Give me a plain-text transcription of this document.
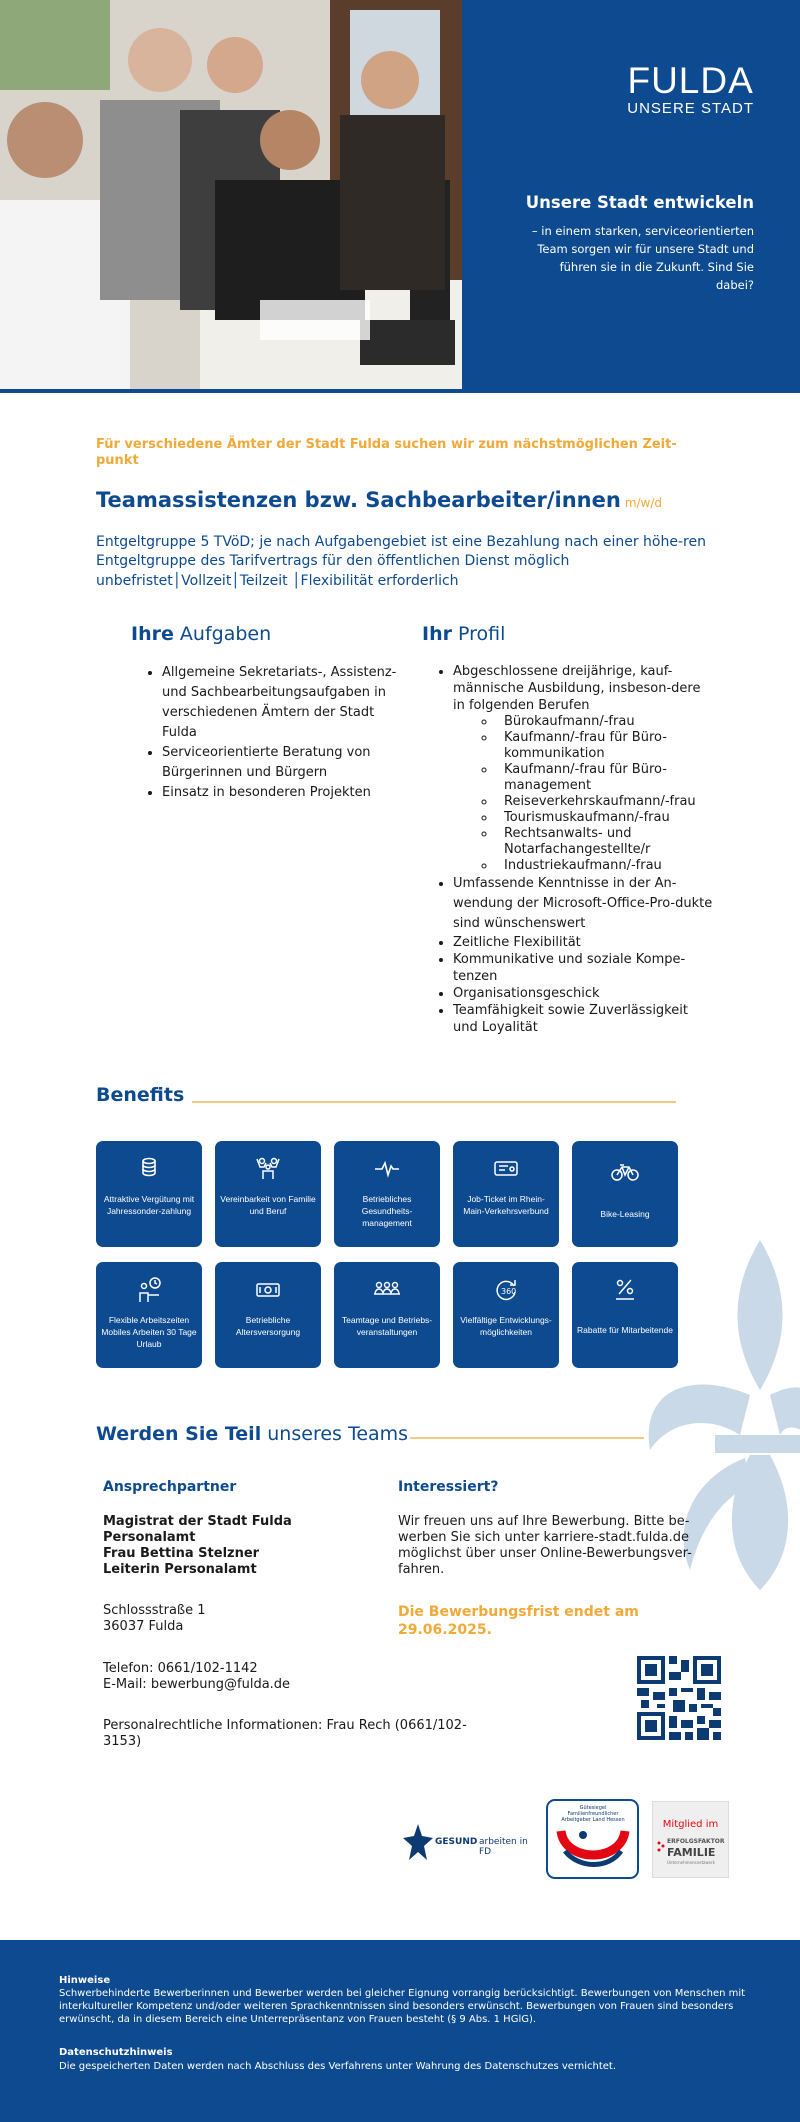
FULDA
UNSERE STADT
Unsere Stadt entwickeln
– in einem starken, serviceorientierten Team sorgen wir für unsere Stadt und führen sie in die Zukunft. Sind Sie dabei?
Für verschiedene Ämter der Stadt Fulda suchen wir zum nächstmöglichen Zeit-punkt
Teamassistenzen bzw. Sachbearbeiter/innen m/w/d
Entgeltgruppe 5 TVöD; je nach Aufgabengebiet ist eine Bezahlung nach einer höhe-ren Entgeltgruppe des Tarifvertrags für den öffentlichen Dienst möglich
unbefristet│Vollzeit│Teilzeit │Flexibilität erforderlich
Ihre Aufgaben
• Allgemeine Sekretariats-, Assistenz- und Sachbearbeitungsaufgaben in verschiedenen Ämtern der Stadt Fulda
• Serviceorientierte Beratung von Bürgerinnen und Bürgern
• Einsatz in besonderen Projekten
Ihr Profil
• Abgeschlossene dreijährige, kauf-männische Ausbildung, insbeson-dere in folgenden Berufen
◦ Bürokaufmann/-frau
◦ Kaufmann/-frau für Büro-kommunikation
◦ Kaufmann/-frau für Büro-management
◦ Reiseverkehrskaufmann/-frau
◦ Tourismuskaufmann/-frau
◦ Rechtsanwalts- und Notarfachangestellte/r
◦ Industriekaufmann/-frau
• Umfassende Kenntnisse in der An-wendung der Microsoft-Office-Pro-dukte sind wünschenswert
• Zeitliche Flexibilität
• Kommunikative und soziale Kompe-tenzen
• Organisationsgeschick
• Teamfähigkeit sowie Zuverlässigkeit und Loyalität
Benefits
Attraktive Vergütung mit Jahressonder-zahlung
Vereinbarkeit von Familie und Beruf
Betriebliches Gesundheits-management
Job-Ticket im Rhein-Main-Verkehrsverbund	Bike-Leasing
Flexible Arbeitszeiten Mobiles Arbeiten 30 Tage Urlaub
Betriebliche Altersversorgung
Teamtage und Betriebs-veranstaltungen
360
Vielfältige Entwicklungs-möglichkeiten	Rabatte für Mitarbeitende
Werden Sie Teil unseres Teams
Ansprechpartner
Magistrat der Stadt Fulda
Personalamt
Frau Bettina Stelzner
Leiterin Personalamt
Schlossstraße 1
36037 Fulda
Telefon: 0661/102-1142
E-Mail: bewerbung@fulda.de
Personalrechtliche Informationen: Frau Rech (0661/102-3153)
Interessiert?
Wir freuen uns auf Ihre Bewerbung. Bitte be-werben Sie sich unter karriere-stadt.fulda.de möglichst über unser Online-Bewerbungsver-fahren.
Die Bewerbungsfrist endet am 29.06.2025.
GESUND arbeiten in FD
Gütesiegel Familienfreundlicher Arbeitgeber Land Hessen	Mitglied im
ERFOLGSFAKTOR
FAMILIE
Unternehmensnetzwerk
Hinweise
Schwerbehinderte Bewerberinnen und Bewerber werden bei gleicher Eignung vorrangig berücksichtigt. Bewerbungen von Menschen mit interkultureller Kompetenz und/oder weiteren Sprachkenntnissen sind besonders erwünscht. Bewerbungen von Frauen sind besonders erwünscht, da in diesem Bereich eine Unterrepräsentanz von Frauen besteht (§ 9 Abs. 1 HGlG).
Datenschutzhinweis
Die gespeicherten Daten werden nach Abschluss des Verfahrens unter Wahrung des Datenschutzes vernichtet.
